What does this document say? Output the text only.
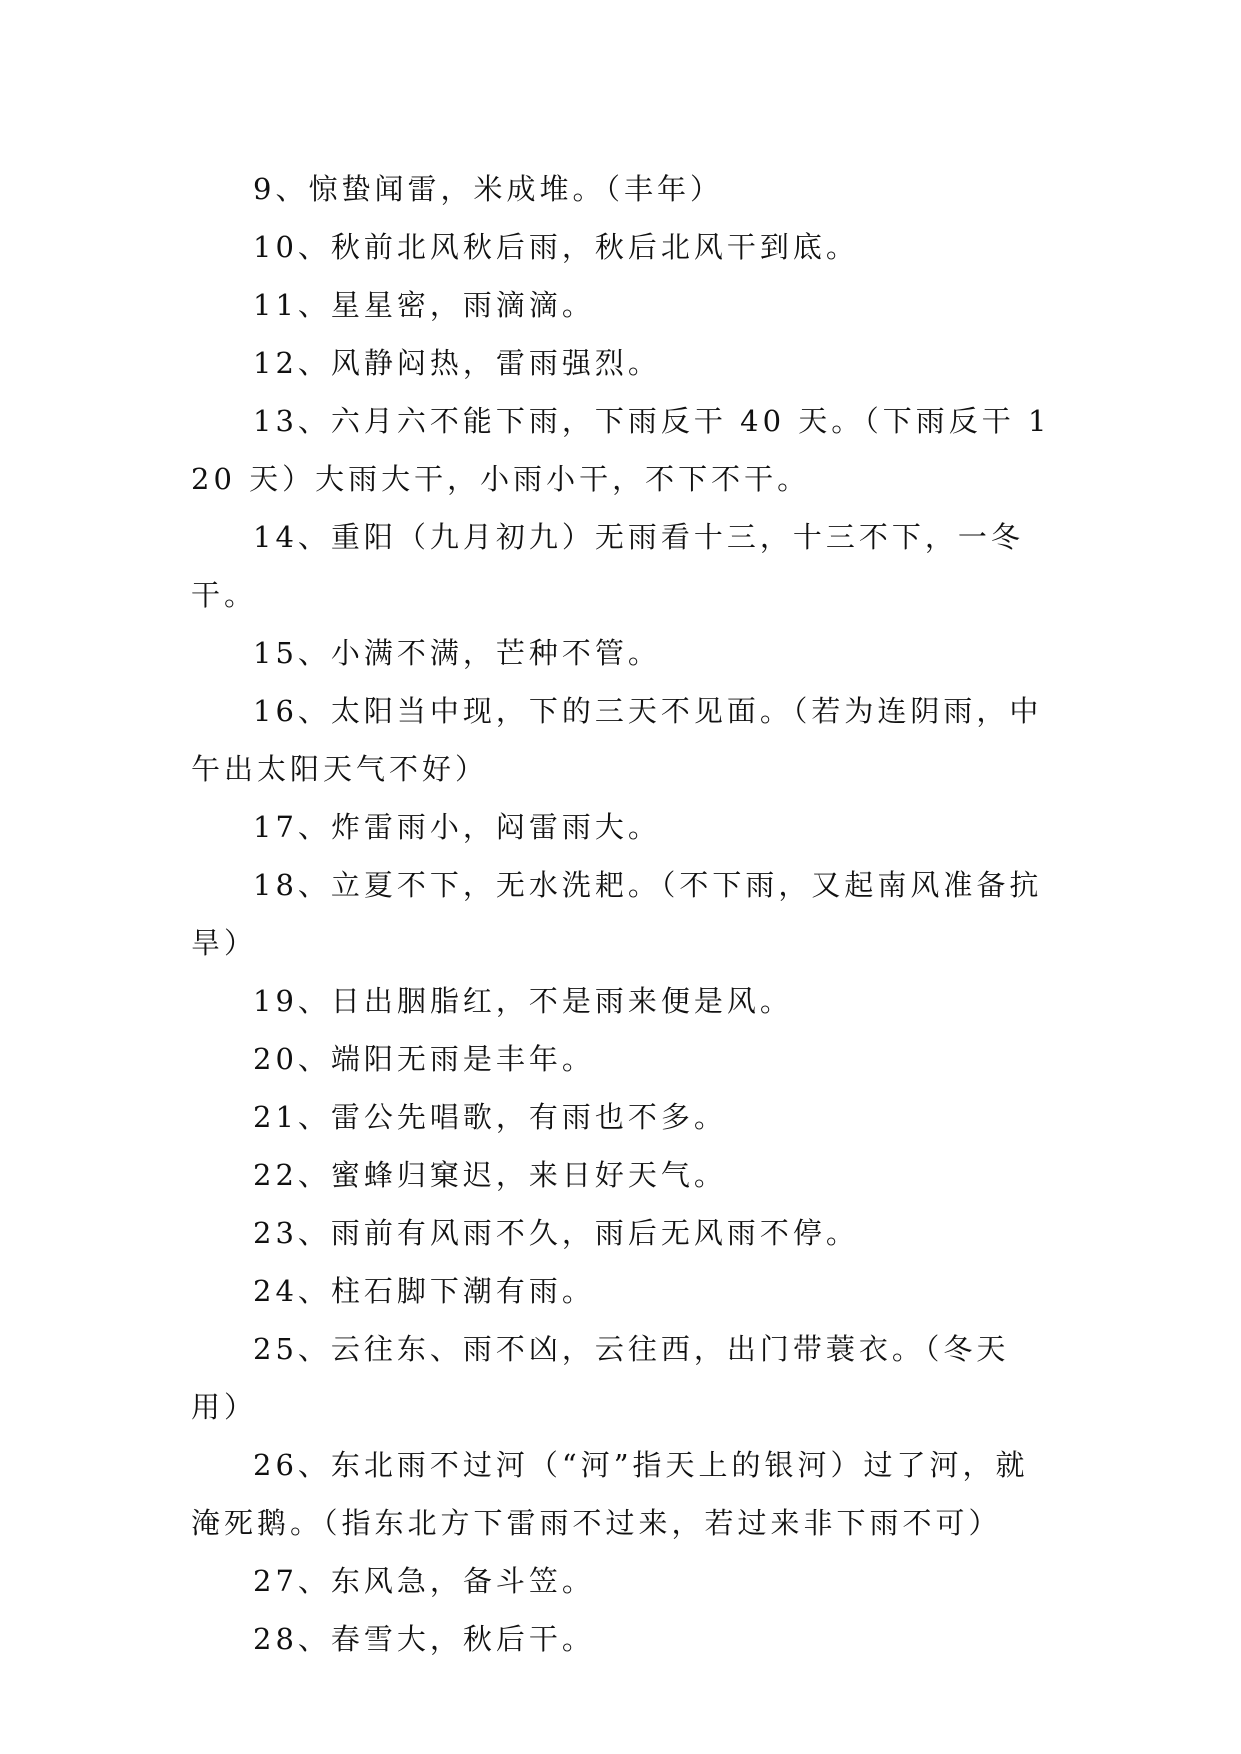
9、惊蛰闻雷，米成堆。（丰年）

10、秋前北风秋后雨，秋后北风干到底。

11、星星密，雨滴滴。

12、风静闷热，雷雨强烈。

13、六月六不能下雨，下雨反干 40 天。（下雨反干 120 天）大雨大干，小雨小干，不下不干。

14、重阳（九月初九）无雨看十三，十三不下，一冬干。

15、小满不满，芒种不管。

16、太阳当中现，下的三天不见面。（若为连阴雨，中午出太阳天气不好）

17、炸雷雨小，闷雷雨大。

18、立夏不下，无水洗耙。（不下雨，又起南风准备抗旱）

19、日出胭脂红，不是雨来便是风。

20、端阳无雨是丰年。

21、雷公先唱歌，有雨也不多。

22、蜜蜂归窠迟，来日好天气。

23、雨前有风雨不久，雨后无风雨不停。

24、柱石脚下潮有雨。

25、云往东、雨不凶，云往西，出门带蓑衣。（冬天用）

26、东北雨不过河（“河”指天上的银河）过了河，就淹死鹅。（指东北方下雷雨不过来，若过来非下雨不可）

27、东风急，备斗笠。

28、春雪大，秋后干。
